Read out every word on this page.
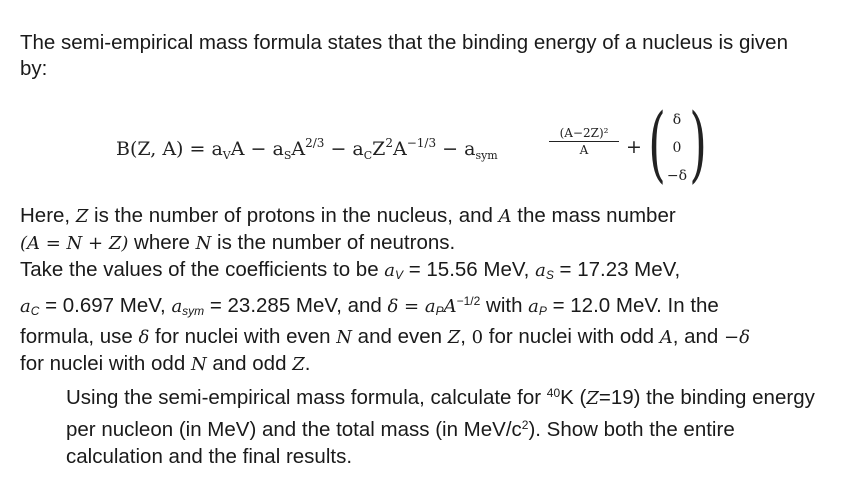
The semi-empirical mass formula states that the binding energy of a nucleus is given by:
B(Z, $A) = a_VA - a_SA^{2/3} - a_CZ^2A^{-1/3} - a_{sym}$	$\frac{\text{(A−2Z)²}}{A}$ + ( δ
0
−δ )

Here, Z is the number of protons in the nucleus, and A the mass number

(A = N + Z) where N is the number of neutrons.

Take the values of the coefficients to be $a_V = 15.56$ MeV, $a_S = 17.23$ MeV,

$a_C = 0.697$ MeV, $a_{sym} = 23.285$ MeV, and $\delta = a_PA^{-1/2}$ with $a_P = 12.0$ MeV. In the

formula, use δ for nuclei with even N and even Z, 0 for nuclei with odd A, and −δ

for nuclei with odd N and odd Z.

Using the semi-empirical mass formula, calculate for $^{40}$K (Z=19) the binding energy per nucleon (in MeV) and the total mass (in MeV/$c^2$). Show both the entire calculation and the final results.
